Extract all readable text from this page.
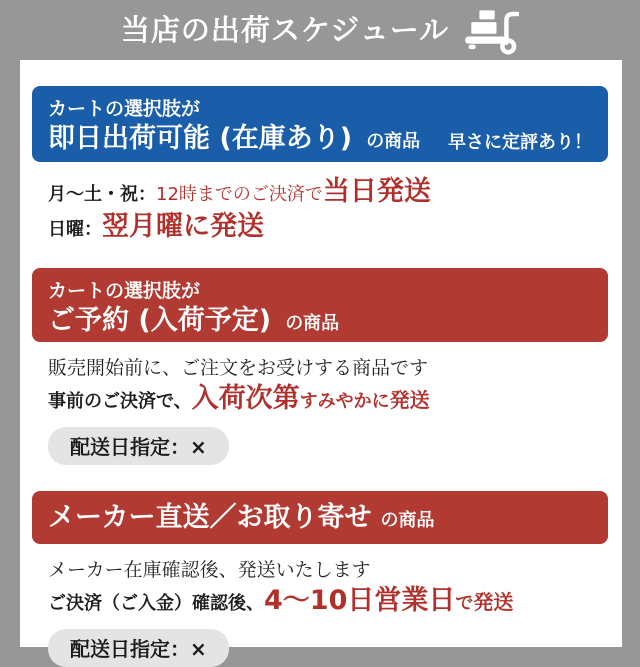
当店の出荷スケジュール
カートの選択肢が
即日出荷可能 (在庫あり) の商品	早さに定評あり！
月〜土・祝：12時までのご決済で当日発送
日曜：翌月曜に発送
カートの選択肢が
ご予約 (入荷予定) の商品
販売開始前に、ご注文をお受けする商品です
事前のご決済で、入荷次第すみやかに発送
配送日指定：×
メーカー直送／お取り寄せ の商品
メーカー在庫確認後、発送いたします
ご決済（ご入金）確認後、4〜10日営業日で発送
配送日指定：×
